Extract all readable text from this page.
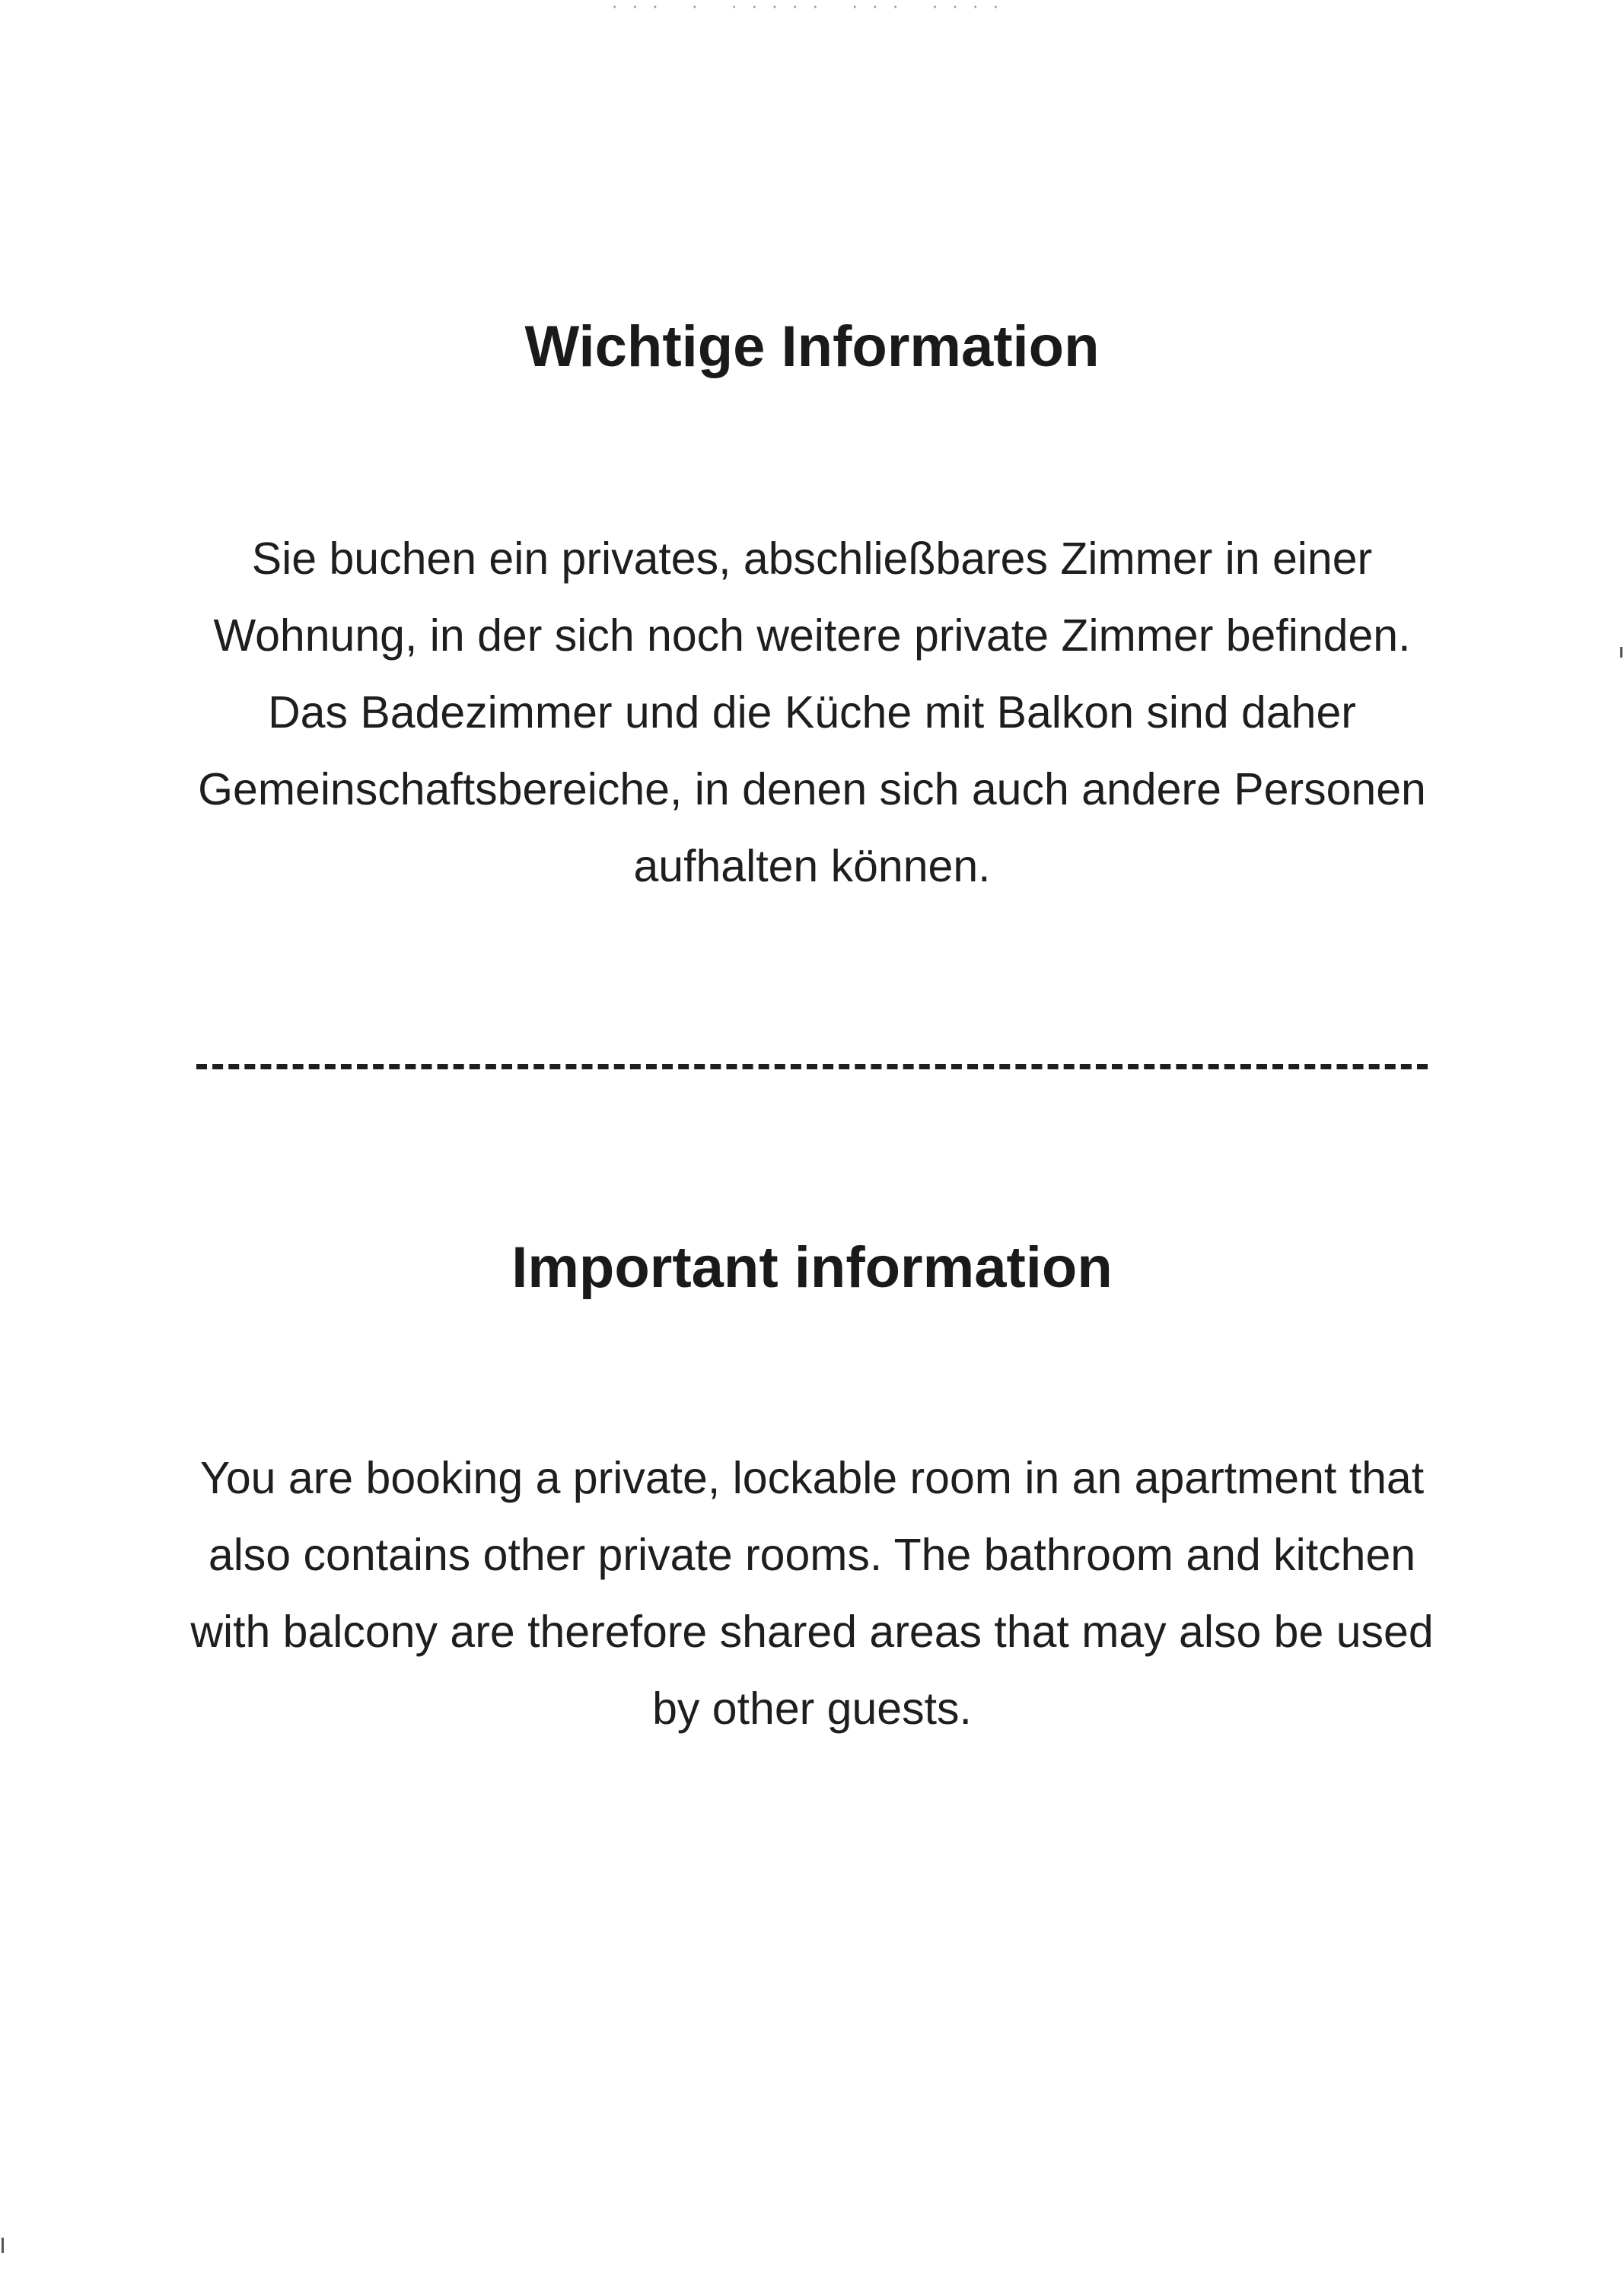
··· · ····· ··· ····
Wichtige Information

Sie buchen ein privates, abschließbares Zimmer in einer Wohnung, in der sich noch weitere private Zimmer befinden. Das Badezimmer und die Küche mit Balkon sind daher Gemeinschaftsbereiche, in denen sich auch andere Personen aufhalten können.

Important information

You are booking a private, lockable room in an apartment that also contains other private rooms. The bathroom and kitchen with balcony are therefore shared areas that may also be used by other guests.
